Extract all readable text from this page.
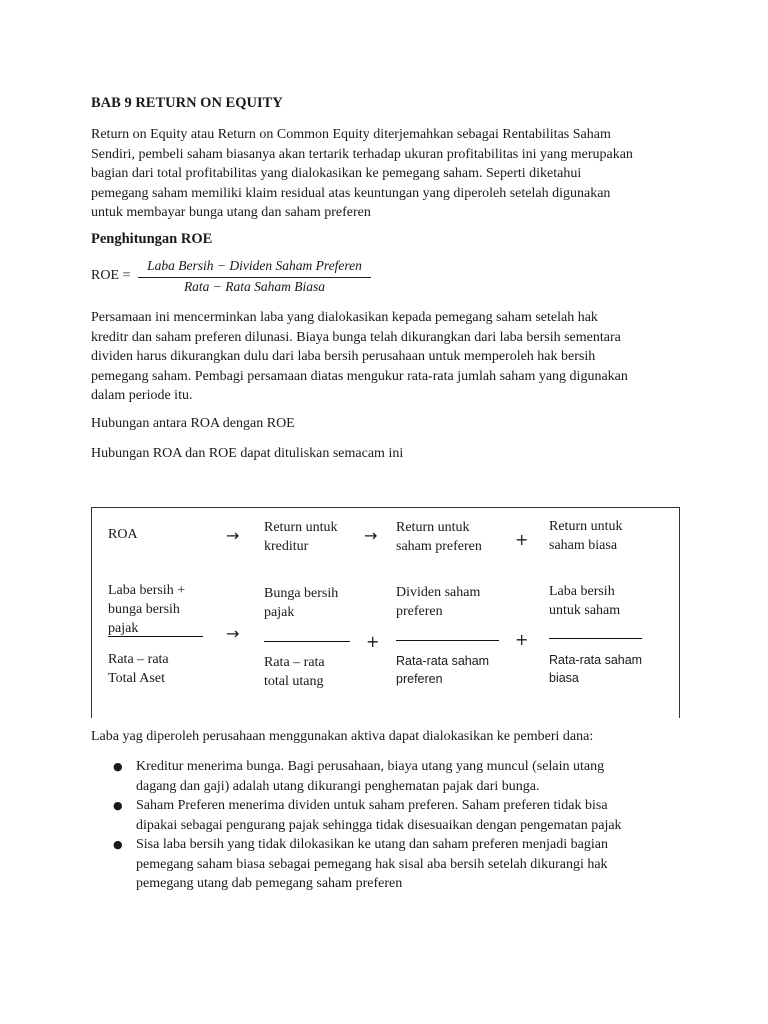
BAB 9 RETURN ON EQUITY

Return on Equity atau Return on Common Equity diterjemahkan sebagai Rentabilitas Saham
Sendiri, pembeli saham biasanya akan tertarik terhadap ukuran profitabilitas ini yang merupakan
bagian dari total profitabilitas yang dialokasikan ke pemegang saham. Seperti diketahui
pemegang saham memiliki klaim residual atas keuntungan yang diperoleh setelah digunakan
untuk membayar bunga utang dan saham preferen

Penghitungan ROE
ROE =
Laba Bersih − Dividen Saham Preferen
Rata − Rata Saham Biasa

Persamaan ini mencerminkan laba yang dialokasikan kepada pemegang saham setelah hak
kreditr dan saham preferen dilunasi. Biaya bunga telah dikurangkan dari laba bersih sementara
dividen harus dikurangkan dulu dari laba bersih perusahaan untuk memperoleh hak bersih
pemegang saham. Pembagi persamaan diatas mengukur rata-rata jumlah saham yang digunakan
dalam periode itu.

Hubungan antara ROA dengan ROE

Hubungan ROA dan ROE dapat dituliskan semacam ini

ROA	→ Return untuk
kreditur
→ Return untuk
saham preferen +
Return untuk
saham biasa
Laba bersih +
bunga bersih
pajak
Rata – rata
Total Aset
→
Bunga bersih
pajak
Rata – rata
total utang
+
Dividen saham
preferen
Rata-rata saham
preferen
+
Laba bersih
untuk saham
Rata-rata saham
biasa

Laba yag diperoleh perusahaan menggunakan aktiva dapat dialokasikan ke pemberi dana:

● Kreditur menerima bunga. Bagi perusahaan, biaya utang yang muncul (selain utang
dagang dan gaji) adalah utang dikurangi penghematan pajak dari bunga.
● Saham Preferen menerima dividen untuk saham preferen. Saham preferen tidak bisa
dipakai sebagai pengurang pajak sehingga tidak disesuaikan dengan pengematan pajak
● Sisa laba bersih yang tidak dilokasikan ke utang dan saham preferen menjadi bagian
pemegang saham biasa sebagai pemegang hak sisal aba bersih setelah dikurangi hak
pemegang utang dab pemegang saham preferen
